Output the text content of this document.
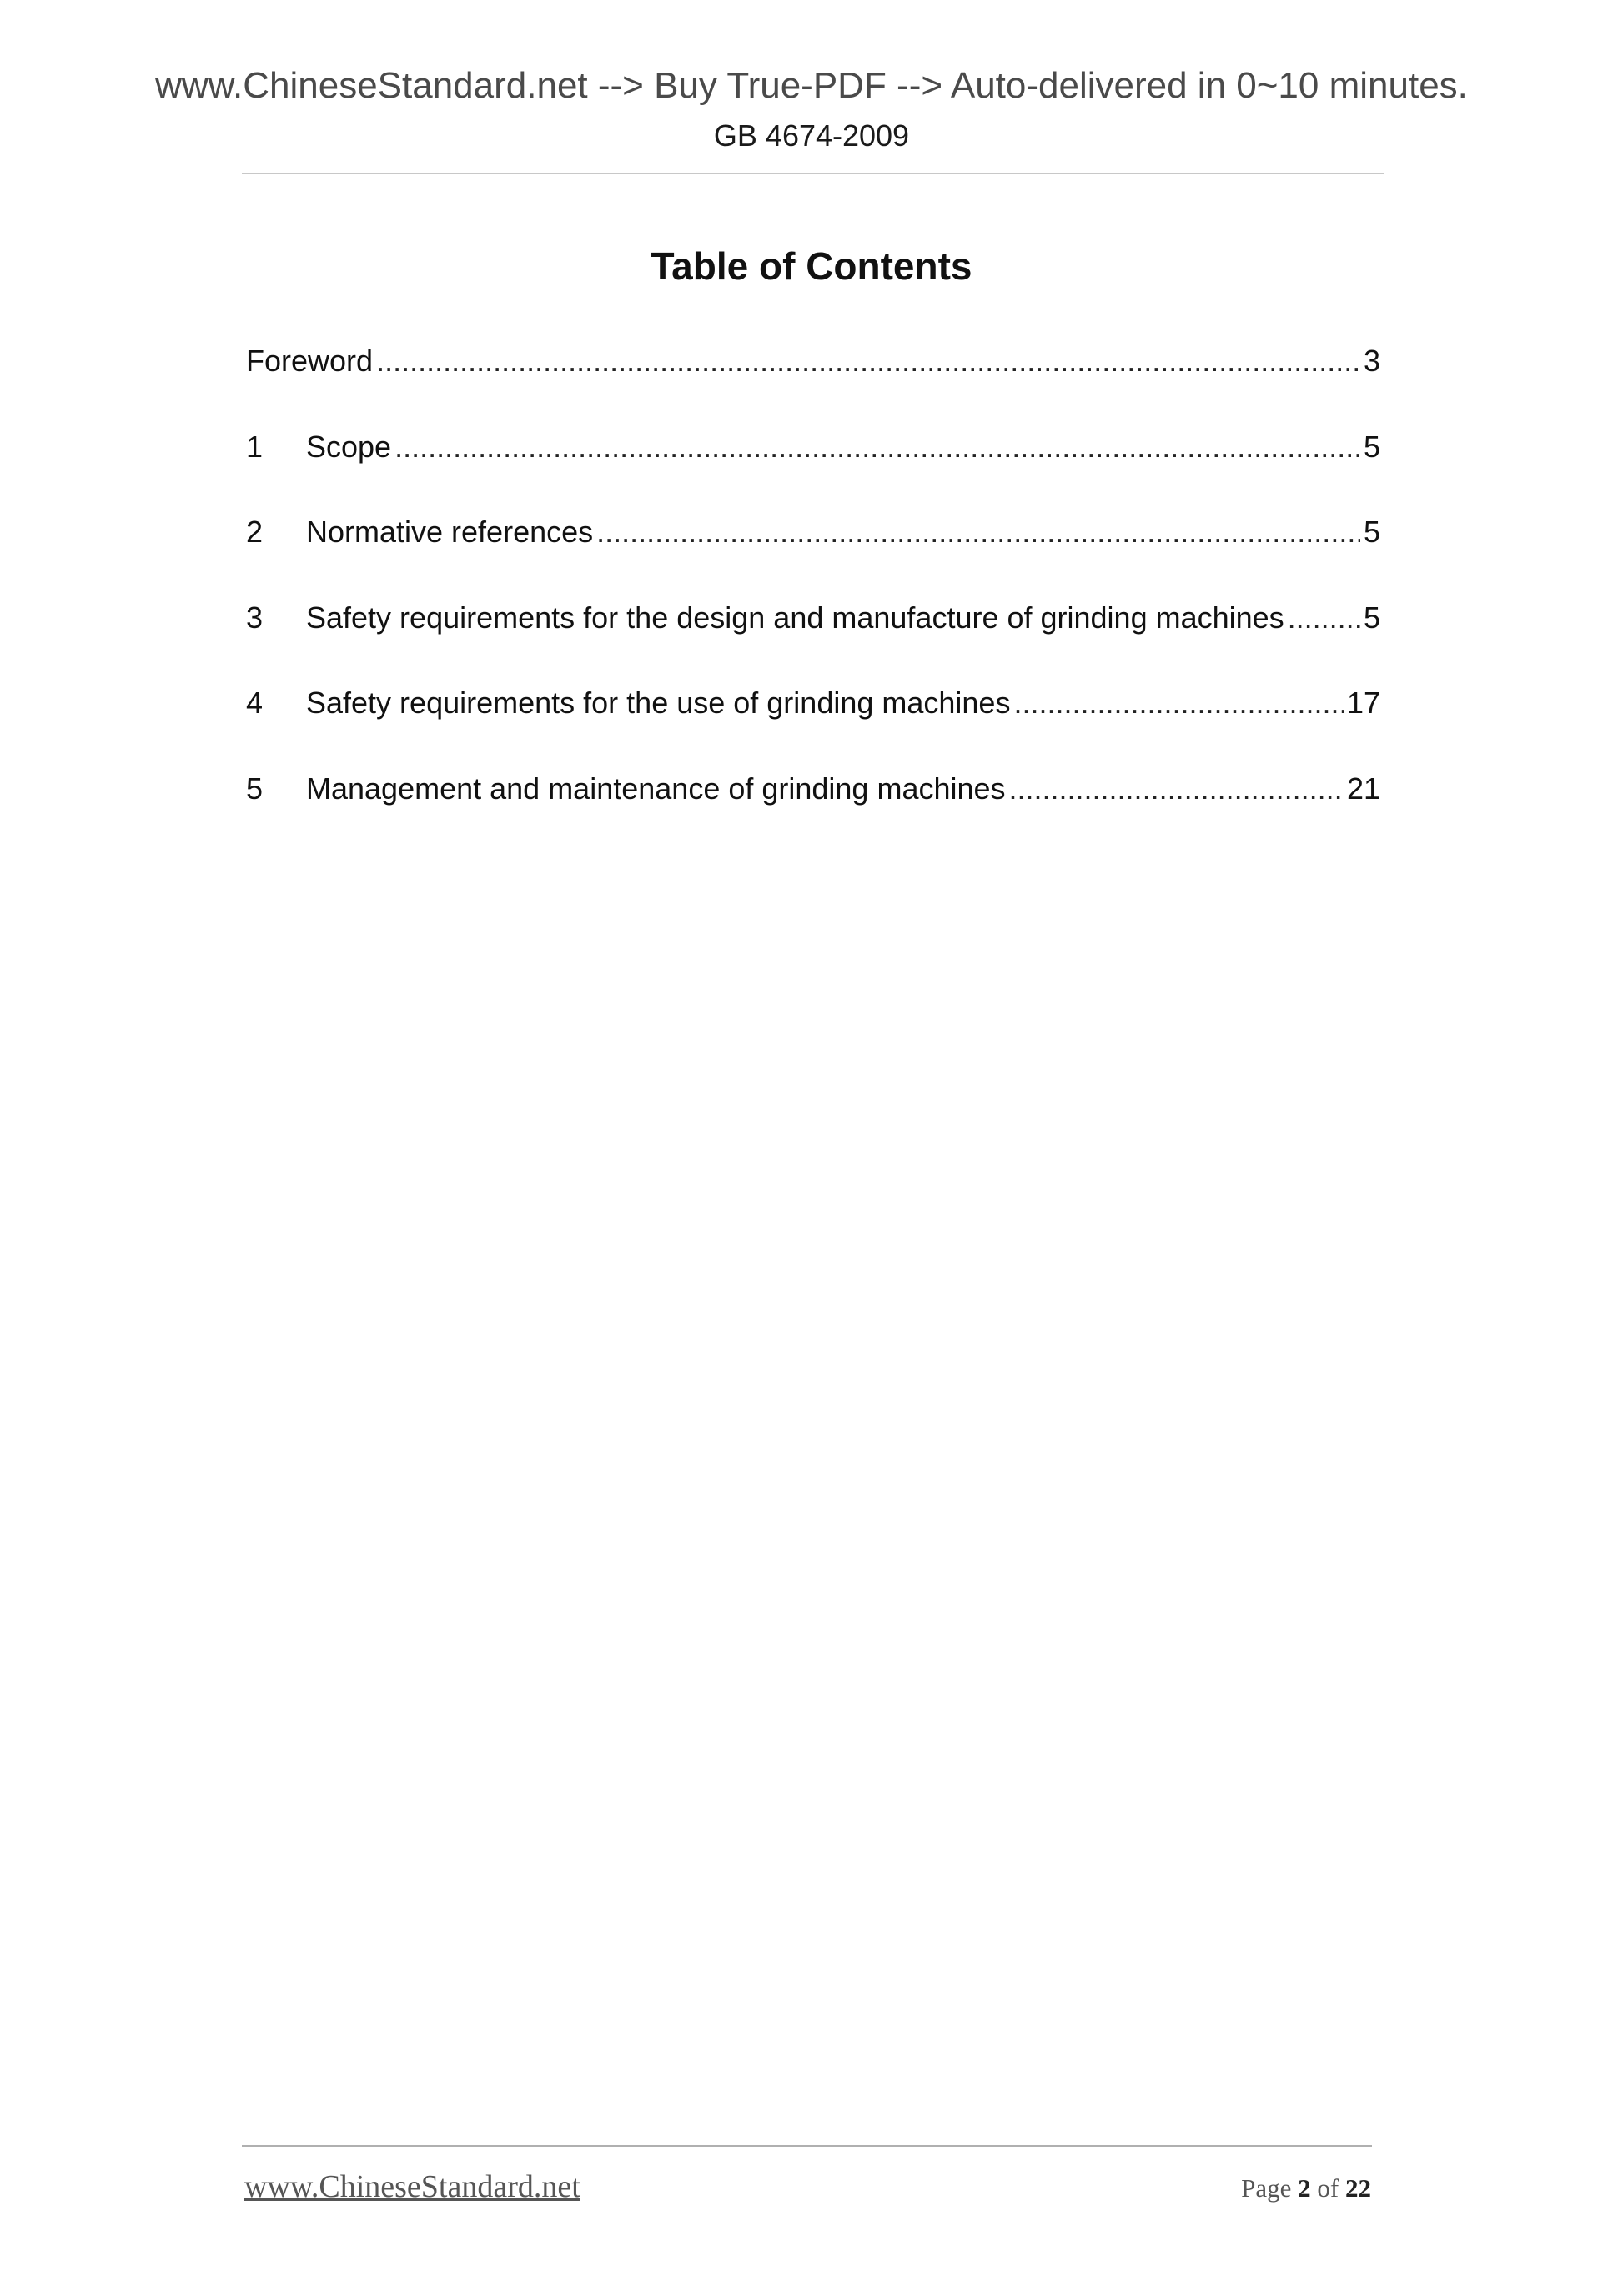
www.ChineseStandard.net --> Buy True-PDF --> Auto-delivered in 0~10 minutes.
GB 4674-2009
Table of Contents
Foreword .....	3
1	Scope .....	5
2	Normative references .....	5
3	Safety requirements for the design and manufacture of grinding machines .....	5
4	Safety requirements for the use of grinding machines .....	17
5	Management and maintenance of grinding machines .....	21
www.ChineseStandard.net	Page 2 of 22
